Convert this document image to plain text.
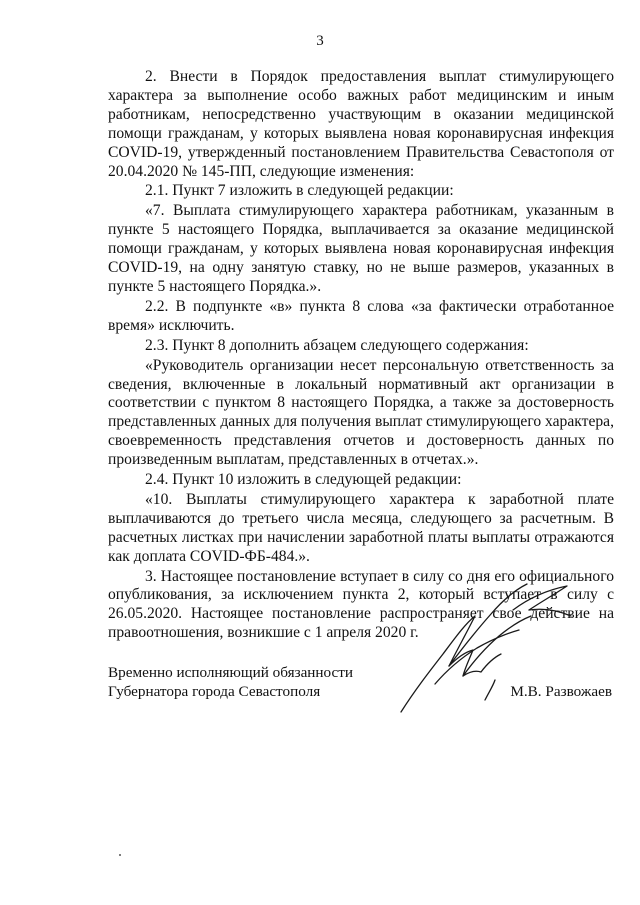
3

2. Внести в Порядок предоставления выплат стимулирующего характера за выполнение особо важных работ медицинским и иным работникам, непосредственно участвующим в оказании медицинской помощи гражданам, у которых выявлена новая коронавирусная инфекция COVID-19, утвержденный постановлением Правительства Севастополя от 20.04.2020 № 145-ПП, следующие изменения:

2.1. Пункт 7 изложить в следующей редакции:

«7. Выплата стимулирующего характера работникам, указанным в пункте 5 настоящего Порядка, выплачивается за оказание медицинской помощи гражданам, у которых выявлена новая коронавирусная инфекция COVID-19, на одну занятую ставку, но не выше размеров, указанных в пункте 5 настоящего Порядка.».

2.2. В подпункте «в» пункта 8 слова «за фактически отработанное время» исключить.

2.3. Пункт 8 дополнить абзацем следующего содержания:

«Руководитель организации несет персональную ответственность за сведения, включенные в локальный нормативный акт организации в соответствии с пунктом 8 настоящего Порядка, а также за достоверность представленных данных для получения выплат стимулирующего характера, своевременность представления отчетов и достоверность данных по произведенным выплатам, представленных в отчетах.».

2.4. Пункт 10 изложить в следующей редакции:

«10. Выплаты стимулирующего характера к заработной плате выплачиваются до третьего числа месяца, следующего за расчетным. В расчетных листках при начислении заработной платы выплаты отражаются как доплата COVID-ФБ-484.».

3. Настоящее постановление вступает в силу со дня его официального опубликования, за исключением пункта 2, который вступает в силу с 26.05.2020. Настоящее постановление распространяет свое действие на правоотношения, возникшие с 1 апреля 2020 г.

Временно исполняющий обязанности
Губернатора города Севастополя	М.В. Развожаев
